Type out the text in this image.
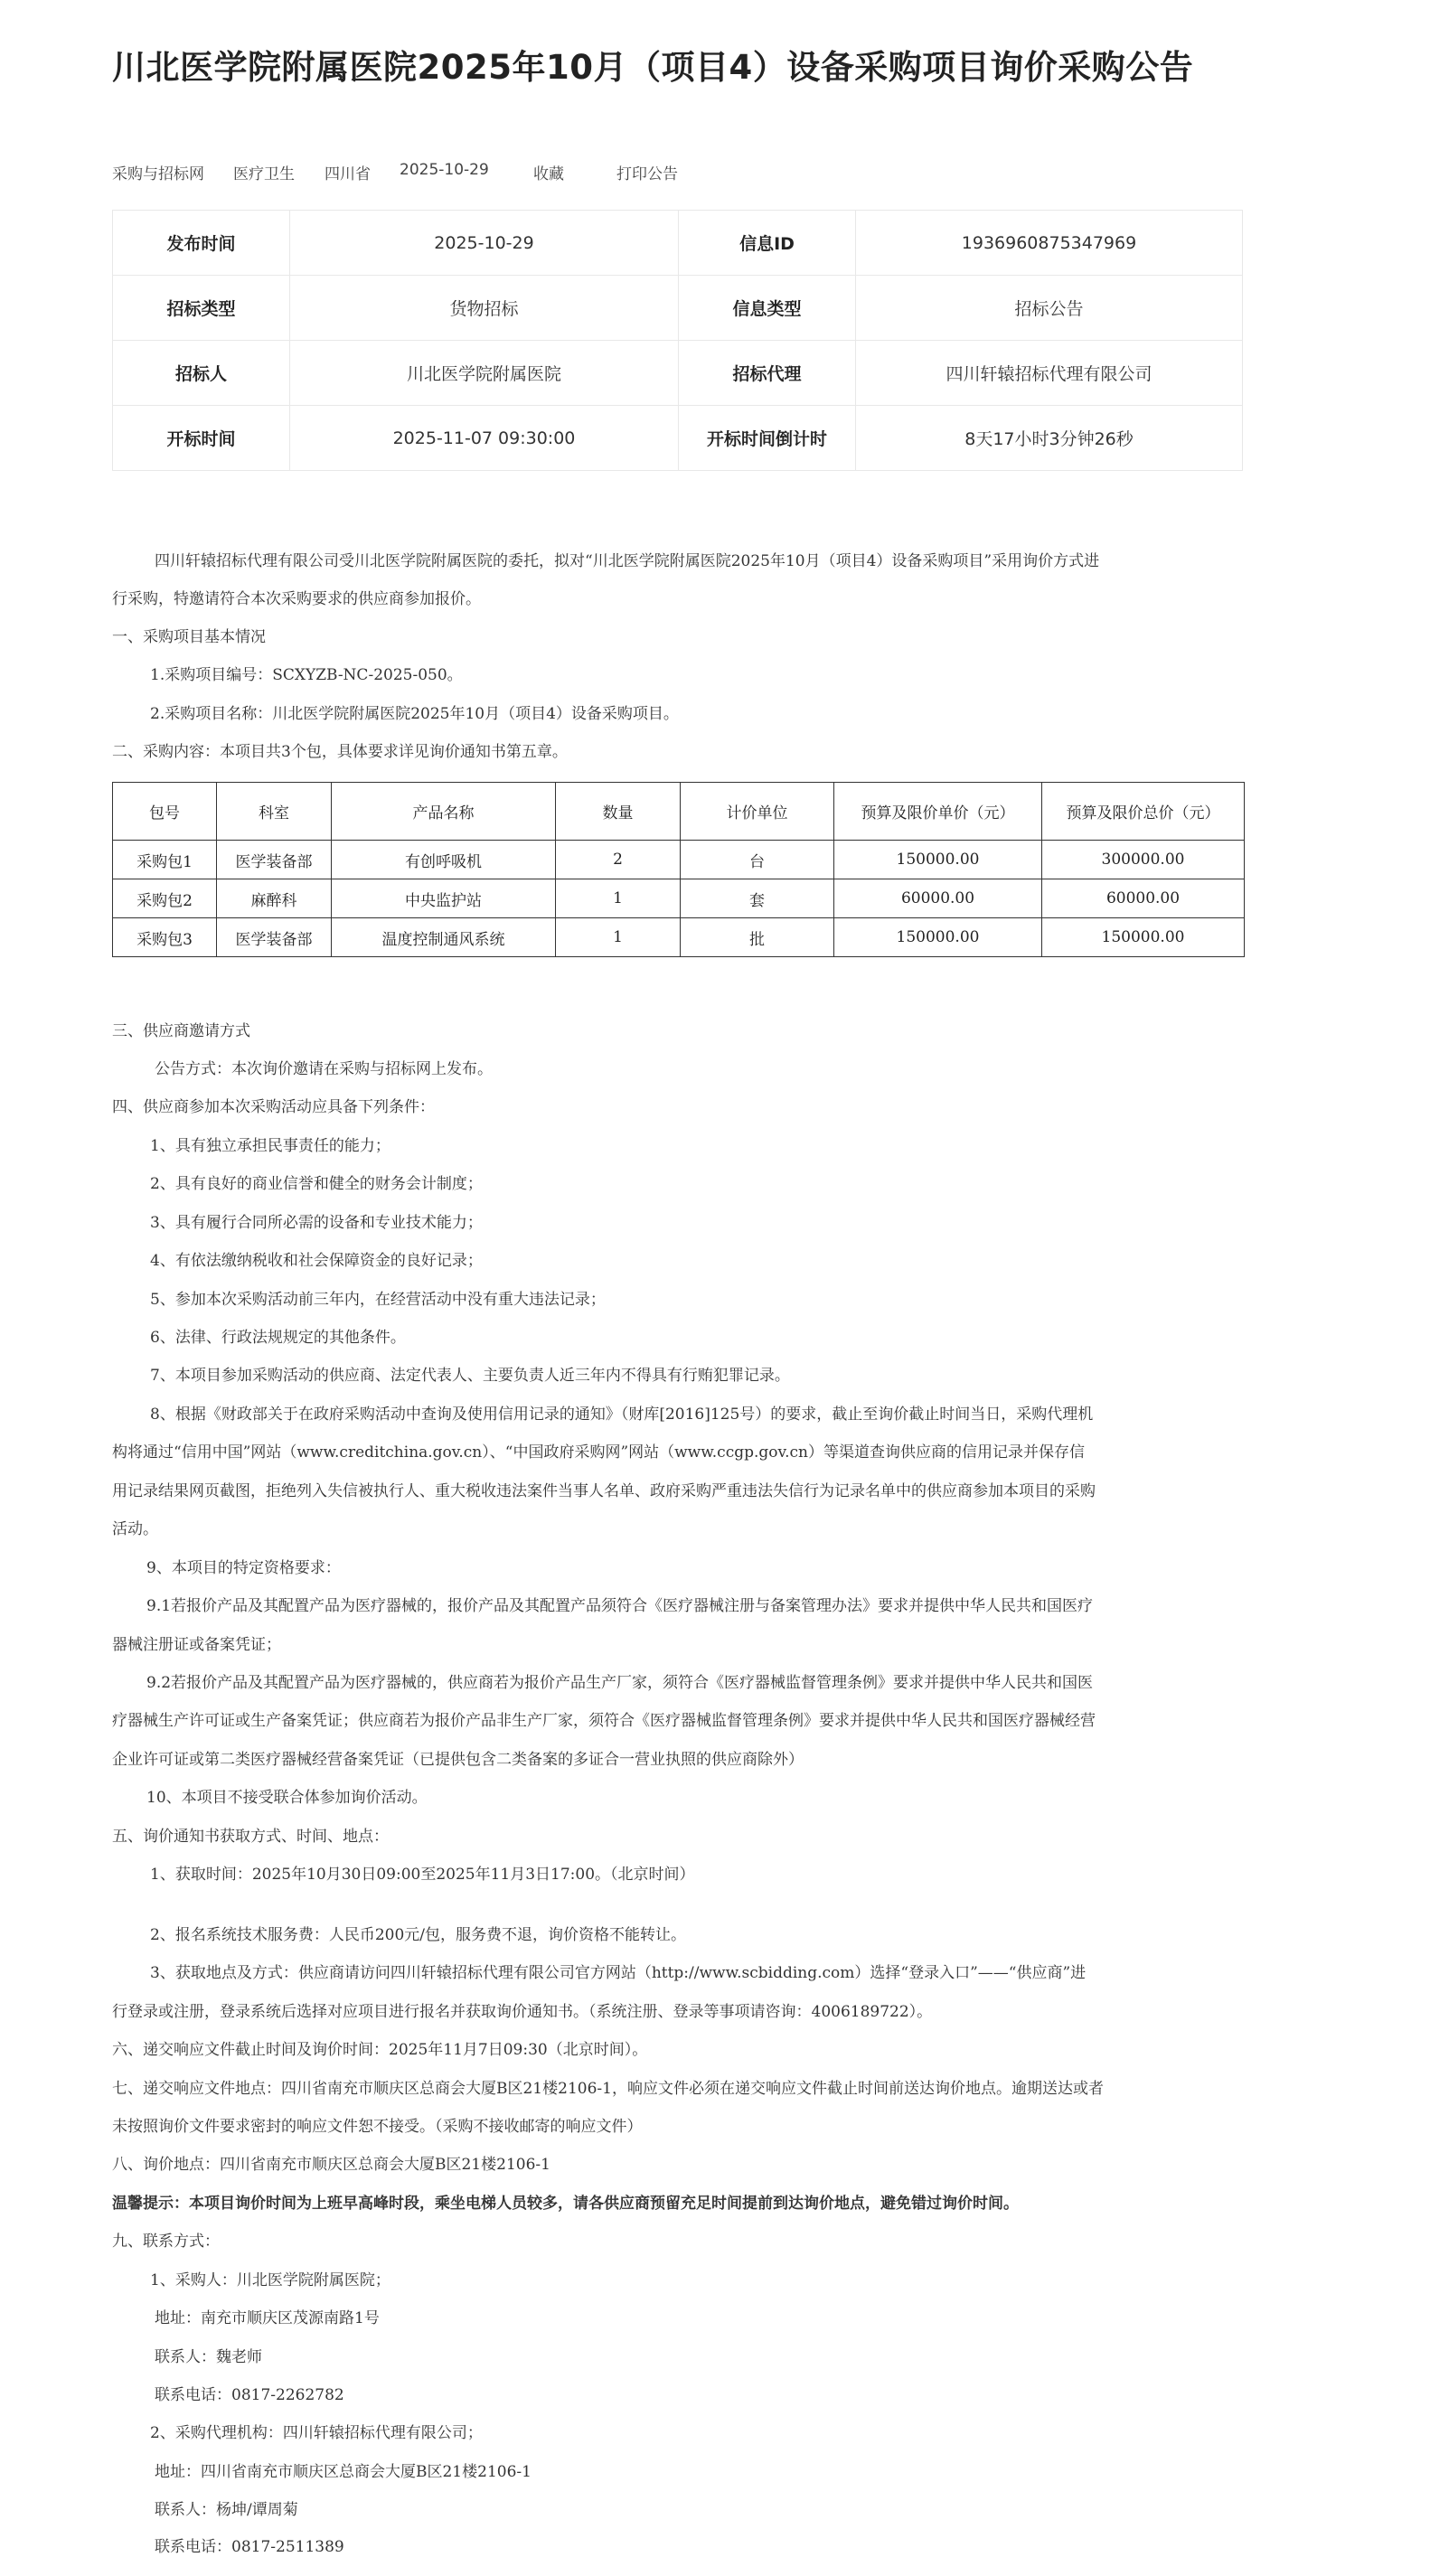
川北医学院附属医院2025年10月（项目4）设备采购项目询价采购公告
采购与招标网 医疗卫生 四川省 2025-10-29	收藏	打印公告
发布时间	2025-10-29	信息ID	1936960875347969
招标类型	货物招标	信息类型	招标公告
招标人	川北医学院附属医院	招标代理	四川轩辕招标代理有限公司
开标时间	2025-11-07 09:30:00	开标时间倒计时	8天17小时3分钟26秒
四川轩辕招标代理有限公司受川北医学院附属医院的委托，拟对“川北医学院附属医院2025年10月（项目4）设备采购项目”采用询价方式进
行采购，特邀请符合本次采购要求的供应商参加报价。
一、采购项目基本情况
1.采购项目编号：SCXYZB-NC-2025-050。
2.采购项目名称：川北医学院附属医院2025年10月（项目4）设备采购项目。
二、采购内容：本项目共3个包，具体要求详见询价通知书第五章。
三、供应商邀请方式
公告方式：本次询价邀请在采购与招标网上发布。
四、供应商参加本次采购活动应具备下列条件：
1、具有独立承担民事责任的能力；
2、具有良好的商业信誉和健全的财务会计制度；
3、具有履行合同所必需的设备和专业技术能力；
4、有依法缴纳税收和社会保障资金的良好记录；
5、参加本次采购活动前三年内，在经营活动中没有重大违法记录；
6、法律、行政法规规定的其他条件。
7、本项目参加采购活动的供应商、法定代表人、主要负责人近三年内不得具有行贿犯罪记录。
8、根据《财政部关于在政府采购活动中查询及使用信用记录的通知》（财库[2016]125号）的要求，截止至询价截止时间当日，采购代理机
构将通过“信用中国”网站（www.creditchina.gov.cn）、“中国政府采购网”网站（www.ccgp.gov.cn）等渠道查询供应商的信用记录并保存信
用记录结果网页截图，拒绝列入失信被执行人、重大税收违法案件当事人名单、政府采购严重违法失信行为记录名单中的供应商参加本项目的采购
活动。
9、本项目的特定资格要求：
9.1若报价产品及其配置产品为医疗器械的，报价产品及其配置产品须符合《医疗器械注册与备案管理办法》要求并提供中华人民共和国医疗
器械注册证或备案凭证；
9.2若报价产品及其配置产品为医疗器械的，供应商若为报价产品生产厂家，须符合《医疗器械监督管理条例》要求并提供中华人民共和国医
疗器械生产许可证或生产备案凭证；供应商若为报价产品非生产厂家，须符合《医疗器械监督管理条例》要求并提供中华人民共和国医疗器械经营
企业许可证或第二类医疗器械经营备案凭证（已提供包含二类备案的多证合一营业执照的供应商除外）
10、本项目不接受联合体参加询价活动。
五、询价通知书获取方式、时间、地点：
1、获取时间：2025年10月30日09:00至2025年11月3日17:00。（北京时间）
2、报名系统技术服务费：人民币200元/包，服务费不退，询价资格不能转让。
3、获取地点及方式：供应商请访问四川轩辕招标代理有限公司官方网站（http://www.scbidding.com）选择“登录入口”——“供应商”进
行登录或注册，登录系统后选择对应项目进行报名并获取询价通知书。（系统注册、登录等事项请咨询：4006189722）。
六、递交响应文件截止时间及询价时间：2025年11月7日09:30（北京时间）。
七、递交响应文件地点：四川省南充市顺庆区总商会大厦B区21楼2106-1，响应文件必须在递交响应文件截止时间前送达询价地点。逾期送达或者
未按照询价文件要求密封的响应文件恕不接受。（采购不接收邮寄的响应文件）
八、询价地点：四川省南充市顺庆区总商会大厦B区21楼2106-1
温馨提示：本项目询价时间为上班早高峰时段，乘坐电梯人员较多，请各供应商预留充足时间提前到达询价地点，避免错过询价时间。
九、联系方式：
1、采购人：川北医学院附属医院；
地址：南充市顺庆区茂源南路1号
联系人：魏老师
联系电话：0817-2262782
2、采购代理机构：四川轩辕招标代理有限公司；
地址：四川省南充市顺庆区总商会大厦B区21楼2106-1
联系人：杨坤/谭周菊
联系电话：0817-2511389
包号	科室	产品名称	数量	计价单位	预算及限价单价（元）	预算及限价总价（元）
采购包1	医学装备部	有创呼吸机	2	台	150000.00	300000.00
采购包2	麻醉科	中央监护站	1	套	60000.00	60000.00
采购包3	医学装备部	温度控制通风系统	1	批	150000.00	150000.00
